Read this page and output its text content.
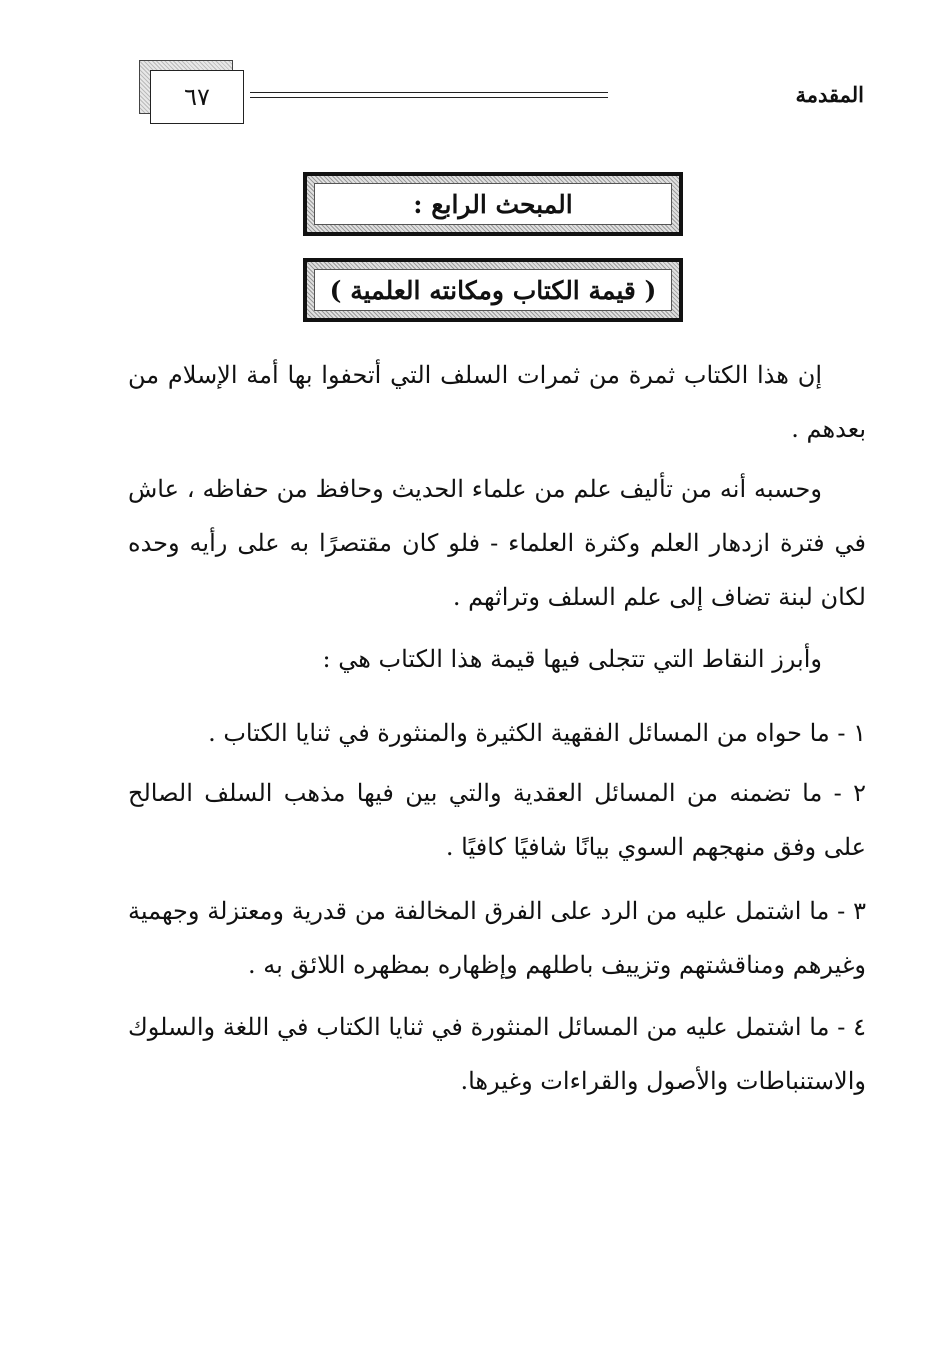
المقدمة
٦٧
المبحث الرابع :
( قيمة الكتاب ومكانته العلمية )

إن هذا الكتاب ثمرة من ثمرات السلف التي أتحفوا بها أمة الإسلام من بعدهم .

وحسبه أنه من تأليف علم من علماء الحديث وحافظ من حفاظه ، عاش في فترة ازدهار العلم وكثرة العلماء - فلو كان مقتصرًا به على رأيه وحده لكان لبنة تضاف إلى علم السلف وتراثهم .

وأبرز النقاط التي تتجلى فيها قيمة هذا الكتاب هي :

١ - ما حواه من المسائل الفقهية الكثيرة والمنثورة في ثنايا الكتاب .

٢ - ما تضمنه من المسائل العقدية والتي بين فيها مذهب السلف الصالح على وفق منهجهم السوي بيانًا شافيًا كافيًا .

٣ - ما اشتمل عليه من الرد على الفرق المخالفة من قدرية ومعتزلة وجهمية وغيرهم ومناقشتهم وتزييف باطلهم وإظهاره بمظهره اللائق به .

٤ - ما اشتمل عليه من المسائل المنثورة في ثنايا الكتاب في اللغة والسلوك والاستنباطات والأصول والقراءات وغيرها.
